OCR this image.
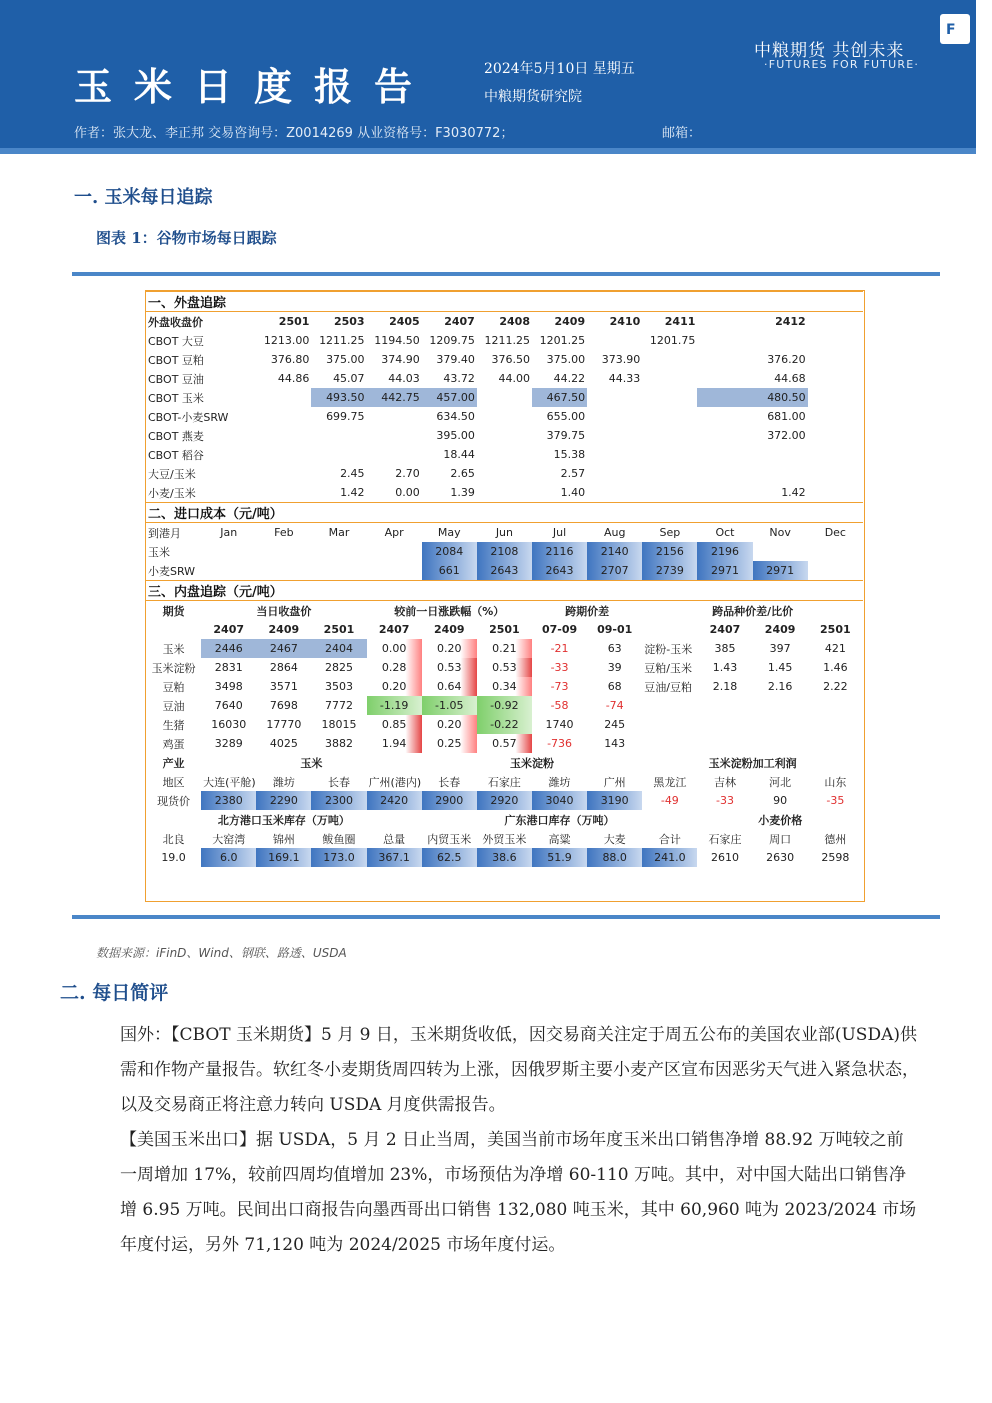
玉米日度报告	2024年5月10日 星期五
中粮期货研究院
中粮期货 共创未来
·FUTURES FOR FUTURE·
F
作者：张大龙、李正邦 交易咨询号：Z0014269 从业资格号：F3030772；	邮箱：
一. 玉米每日追踪
图表 1：谷物市场每日跟踪
一、外盘追踪												
外盘收盘价		2501	2503	2405	2407	2408	2409	2410	2411	2412		
CBOT 大豆		1213.00	1211.25	1194.50	1209.75	1211.25	1201.25		1201.75			
CBOT 豆粕		376.80	375.00	374.90	379.40	376.50	375.00	373.90		376.20		
CBOT 豆油		44.86	45.07	44.03	43.72	44.00	44.22	44.33		44.68		
CBOT 玉米			493.50	442.75	457.00		467.50			480.50		
CBOT-小麦SRW			699.75		634.50		655.00			681.00		
CBOT 燕麦					395.00		379.75			372.00		
CBOT 稻谷					18.44		15.38					
大豆/玉米			2.45	2.70	2.65		2.57					
小麦/玉米			1.42	0.00	1.39		1.40			1.42		
二、进口成本（元/吨）												
到港月	Jan	Feb	Mar	Apr	May	Jun	Jul	Aug	Sep	Oct	Nov	Dec
玉米					2084	2108	2116	2140	2156	2196		
小麦SRW					661	2643	2643	2707	2739	2971	2971	
三、内盘追踪（元/吨）												
期货	当日收盘价			较前一日涨跌幅（%）			跨期价差		跨品种价差/比价			
	2407	2409	2501	2407	2409	2501	07-09	09-01		2407	2409	2501
玉米	2446	2467	2404	0.00	0.20	0.21	-21	63	淀粉-玉米	385	397	421
玉米淀粉	2831	2864	2825	0.28	0.53	0.53	-33	39	豆粕/玉米	1.43	1.45	1.46
豆粕	3498	3571	3503	0.20	0.64	0.34	-73	68	豆油/豆粕	2.18	2.16	2.22
豆油	7640	7698	7772	-1.19	-1.05	-0.92	-58	-74				
生猪	16030	17770	18015	0.85	0.20	-0.22	1740	245				
鸡蛋	3289	4025	3882	1.94	0.25	0.57	-736	143				
产业	玉米				玉米淀粉				玉米淀粉加工利润			
地区	大连(平舱)	潍坊	长春	广州(港内)	长春	石家庄	潍坊	广州	黑龙江	吉林	河北	山东
现货价	2380	2290	2300	2420	2900	2920	3040	3190	-49	-33	90	-35
北方港口玉米库存（万吨）					广东港口库存（万吨）					小麦价格		
北良	大窑湾	锦州	鲅鱼圈	总量	内贸玉米	外贸玉米	高粱	大麦	合计	石家庄	周口	德州
19.0	6.0	169.1	173.0	367.1	62.5	38.6	51.9	88.0	241.0	2610	2630	2598
数据来源：iFinD、Wind、钢联、路透、USDA
二. 每日简评

国外：【CBOT 玉米期货】5 月 9 日，玉米期货收低，因交易商关注定于周五公布的美国农业部(USDA)供需和作物产量报告。软红冬小麦期货周四转为上涨，因俄罗斯主要小麦产区宣布因恶劣天气进入紧急状态，以及交易商正将注意力转向 USDA 月度供需报告。

【美国玉米出口】据 USDA，5 月 2 日止当周，美国当前市场年度玉米出口销售净增 88.92 万吨较之前一周增加 17%，较前四周均值增加 23%，市场预估为净增 60-110 万吨。其中，对中国大陆出口销售净增 6.95 万吨。民间出口商报告向墨西哥出口销售 132,080 吨玉米，其中 60,960 吨为 2023/2024 市场年度付运，另外 71,120 吨为 2024/2025 市场年度付运。
